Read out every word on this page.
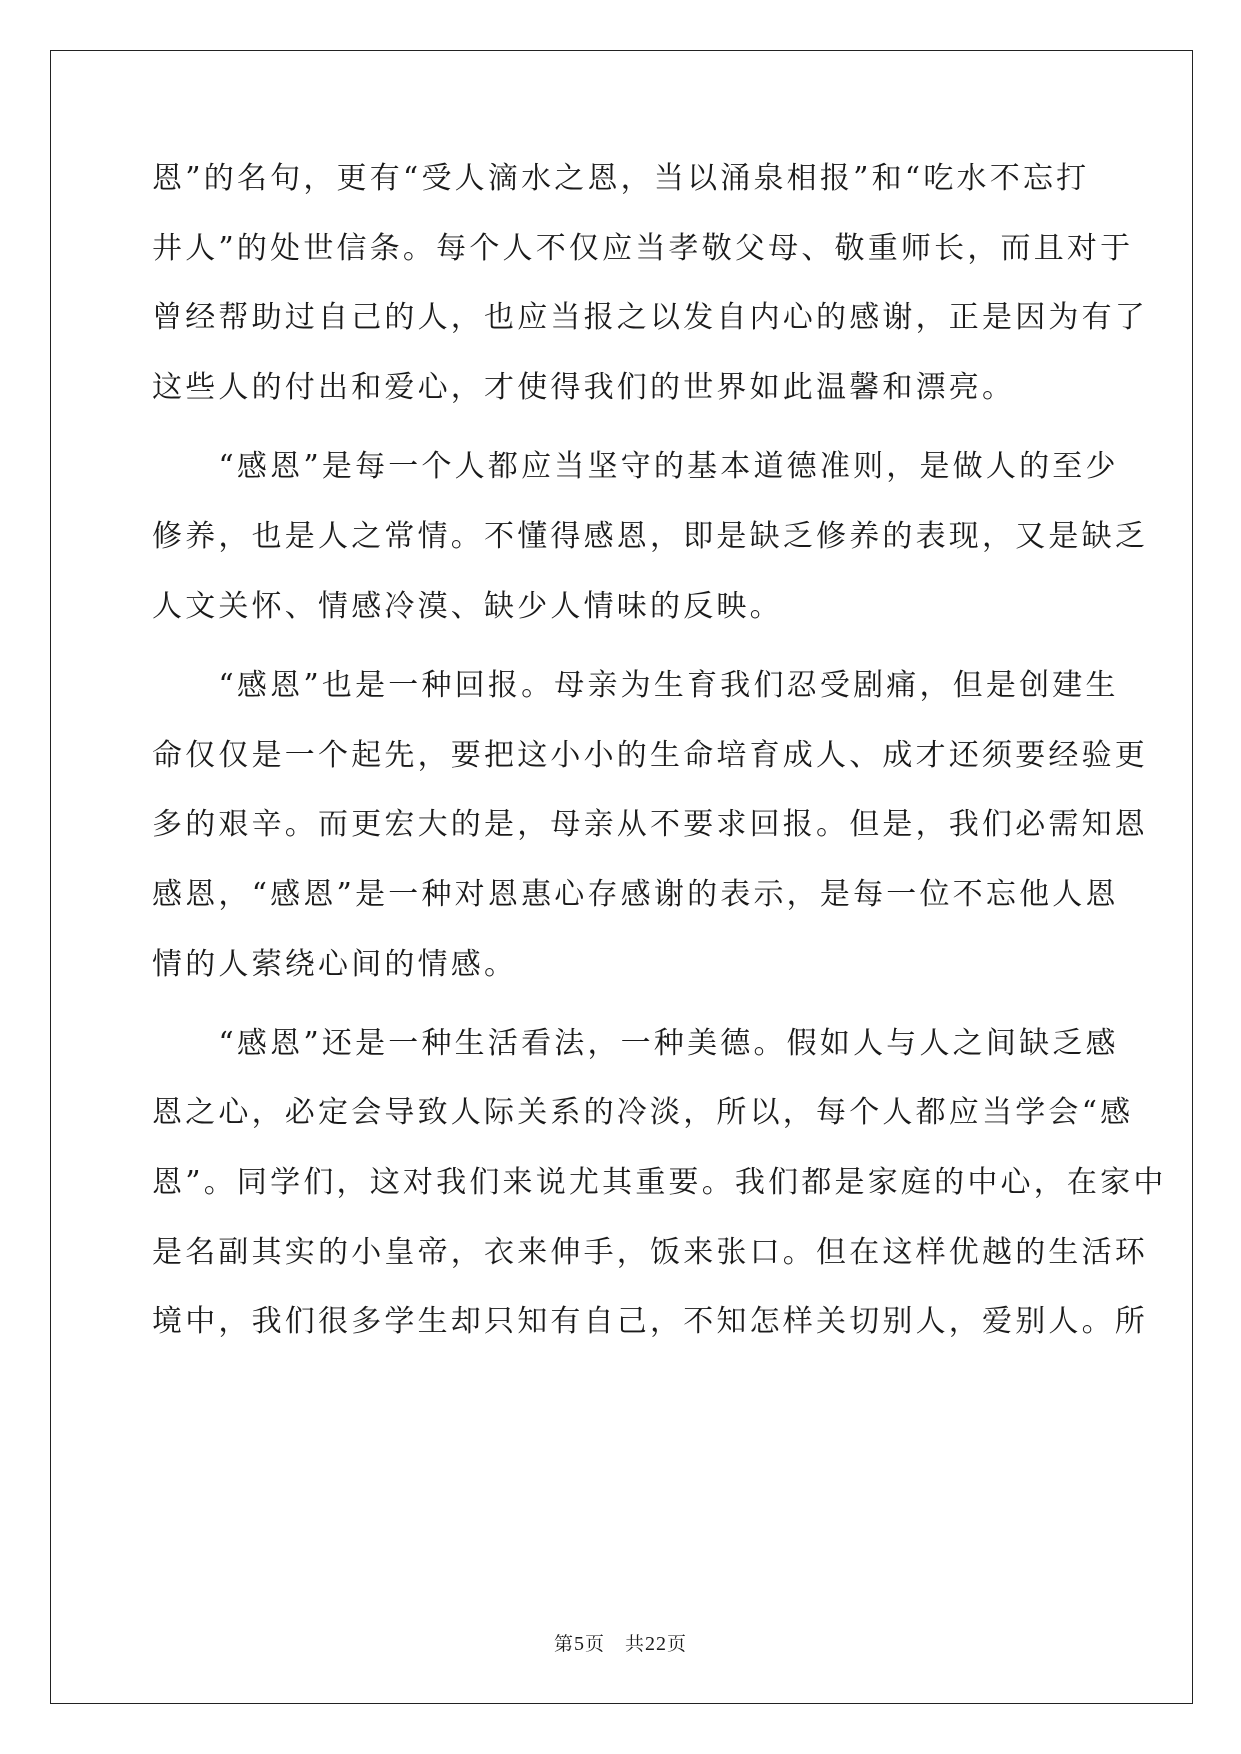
恩”的名句，更有“受人滴水之恩，当以涌泉相报”和“吃水不忘打
井人”的处世信条。每个人不仅应当孝敬父母、敬重师长，而且对于
曾经帮助过自己的人，也应当报之以发自内心的感谢，正是因为有了
这些人的付出和爱心，才使得我们的世界如此温馨和漂亮。
　　“感恩”是每一个人都应当坚守的基本道德准则，是做人的至少
修养，也是人之常情。不懂得感恩，即是缺乏修养的表现，又是缺乏
人文关怀、情感冷漠、缺少人情味的反映。
　　“感恩”也是一种回报。母亲为生育我们忍受剧痛，但是创建生
命仅仅是一个起先，要把这小小的生命培育成人、成才还须要经验更
多的艰辛。而更宏大的是，母亲从不要求回报。但是，我们必需知恩
感恩，“感恩”是一种对恩惠心存感谢的表示，是每一位不忘他人恩
情的人萦绕心间的情感。
　　“感恩”还是一种生活看法，一种美德。假如人与人之间缺乏感
恩之心，必定会导致人际关系的冷淡，所以，每个人都应当学会“感
恩”。同学们，这对我们来说尤其重要。我们都是家庭的中心，在家中
是名副其实的小皇帝，衣来伸手，饭来张口。但在这样优越的生活环
境中，我们很多学生却只知有自己，不知怎样关切别人，爱别人。所
第5页　共22页
